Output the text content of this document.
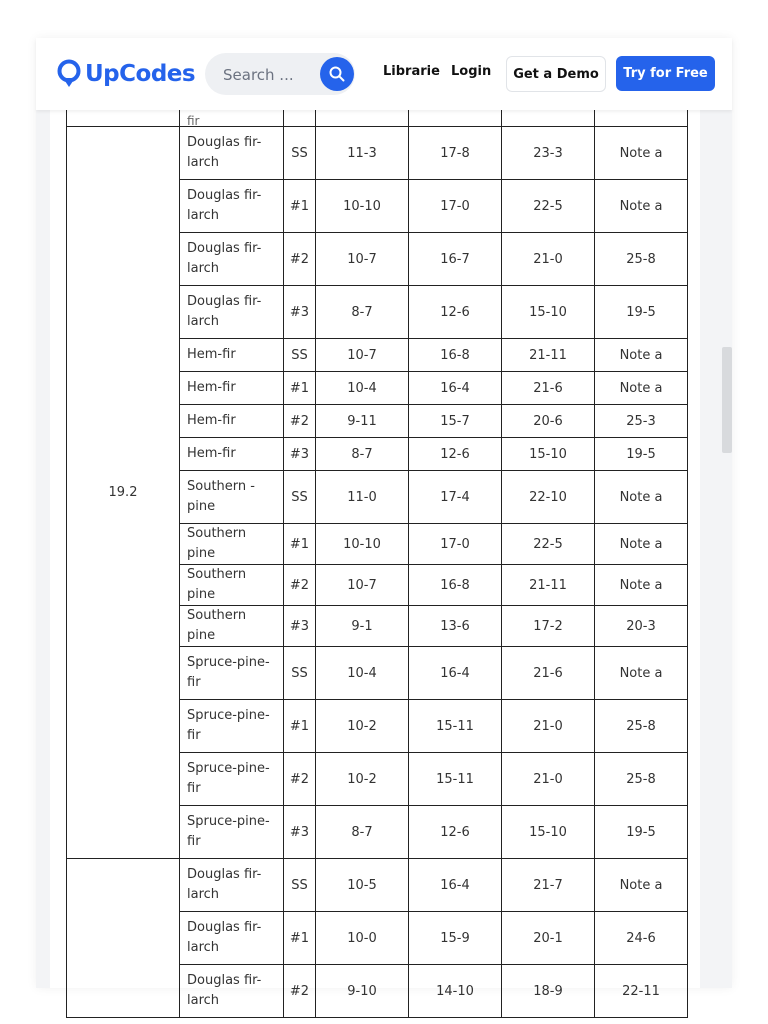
	fir					
19.2	Douglas fir-larch	SS	11-3	17-8	23-3	Note a
	Douglas fir-larch	#1	10-10	17-0	22-5	Note a
	Douglas fir-larch	#2	10-7	16-7	21-0	25-8
	Douglas fir-larch	#3	8-7	12-6	15-10	19-5
	Hem-fir	SS	10-7	16-8	21-11	Note a
	Hem-fir	#1	10-4	16-4	21-6	Note a
	Hem-fir	#2	9-11	15-7	20-6	25-3
	Hem-fir	#3	8-7	12-6	15-10	19-5
	Southern -pine	SS	11-0	17-4	22-10	Note a
	Southern pine	#1	10-10	17-0	22-5	Note a
	Southern pine	#2	10-7	16-8	21-11	Note a
	Southern pine	#3	9-1	13-6	17-2	20-3
	Spruce-pine-fir	SS	10-4	16-4	21-6	Note a
	Spruce-pine-fir	#1	10-2	15-11	21-0	25-8
	Spruce-pine-fir	#2	10-2	15-11	21-0	25-8
	Spruce-pine-fir	#3	8-7	12-6	15-10	19-5
	Douglas fir-larch	SS	10-5	16-4	21-7	Note a
	Douglas fir-larch	#1	10-0	15-9	20-1	24-6
	Douglas fir-larch	#2	9-10	14-10	18-9	22-11
UpCodes
Search ...	Librarie Login	Get a Demo	Try for Free
